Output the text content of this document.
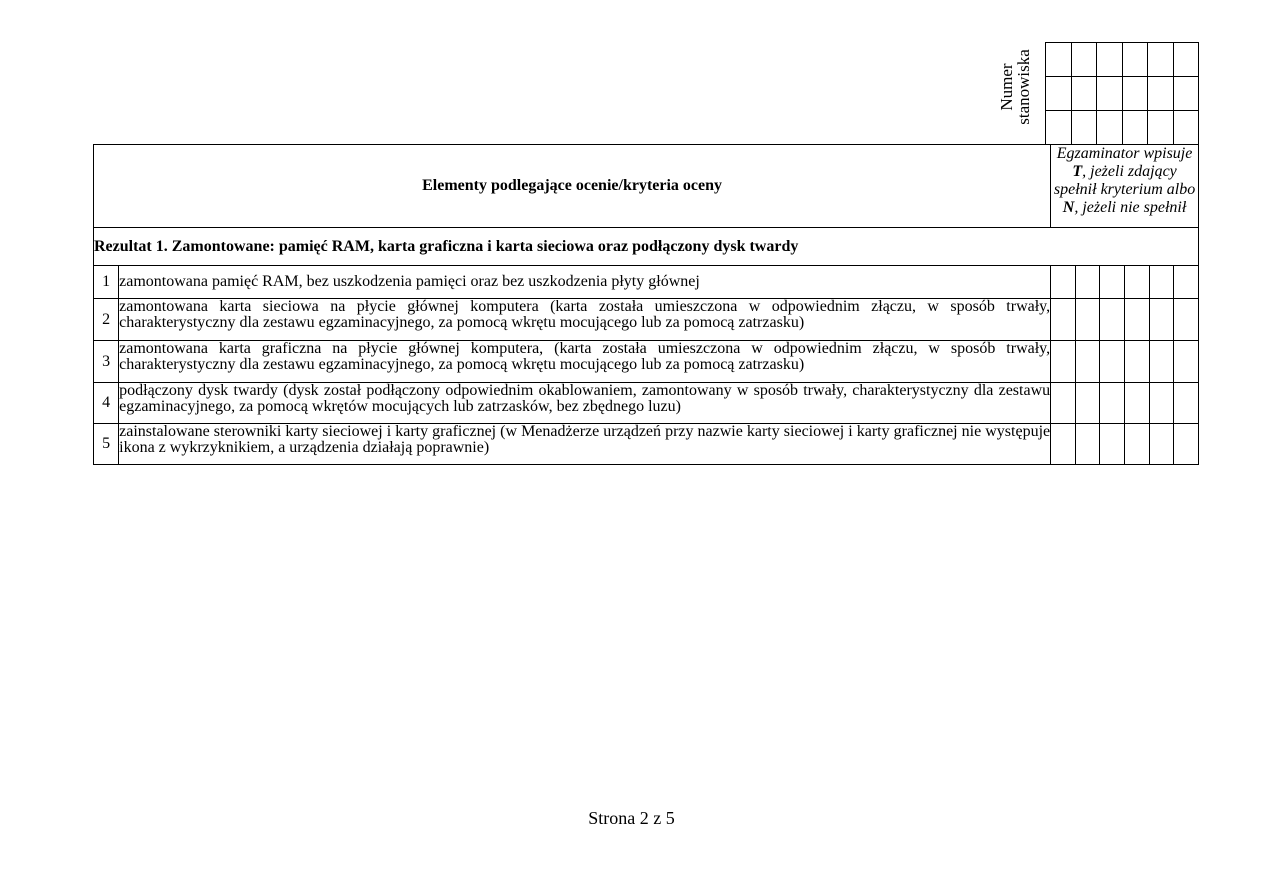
Numer
stanowiska

Elementy podlegające ocenie/kryteria oceny		Egzaminator wpisuje T, jeżeli zdający spełnił kryterium albo N, jeżeli nie spełnił					
Rezultat 1. Zamontowane: pamięć RAM, karta graficzna i karta sieciowa oraz podłączony dysk twardy							
1	zamontowana pamięć RAM, bez uszkodzenia pamięci oraz bez uszkodzenia płyty głównej						
2	zamontowana karta sieciowa na płycie głównej komputera (karta została umieszczona w odpowiednim złączu, w sposób trwały, charakterystyczny dla zestawu egzaminacyjnego, za pomocą wkrętu mocującego lub za pomocą zatrzasku)						
3	zamontowana karta graficzna na płycie głównej komputera, (karta została umieszczona w odpowiednim złączu, w sposób trwały, charakterystyczny dla zestawu egzaminacyjnego, za pomocą wkrętu mocującego lub za pomocą zatrzasku)						
4	podłączony dysk twardy (dysk został podłączony odpowiednim okablowaniem, zamontowany w sposób trwały, charakterystyczny dla zestawu egzaminacyjnego, za pomocą wkrętów mocujących lub zatrzasków, bez zbędnego luzu)						
5	zainstalowane sterowniki karty sieciowej i karty graficznej (w Menadżerze urządzeń przy nazwie karty sieciowej i karty graficznej nie występuje ikona z wykrzyknikiem, a urządzenia działają poprawnie)						
Strona 2 z 5
